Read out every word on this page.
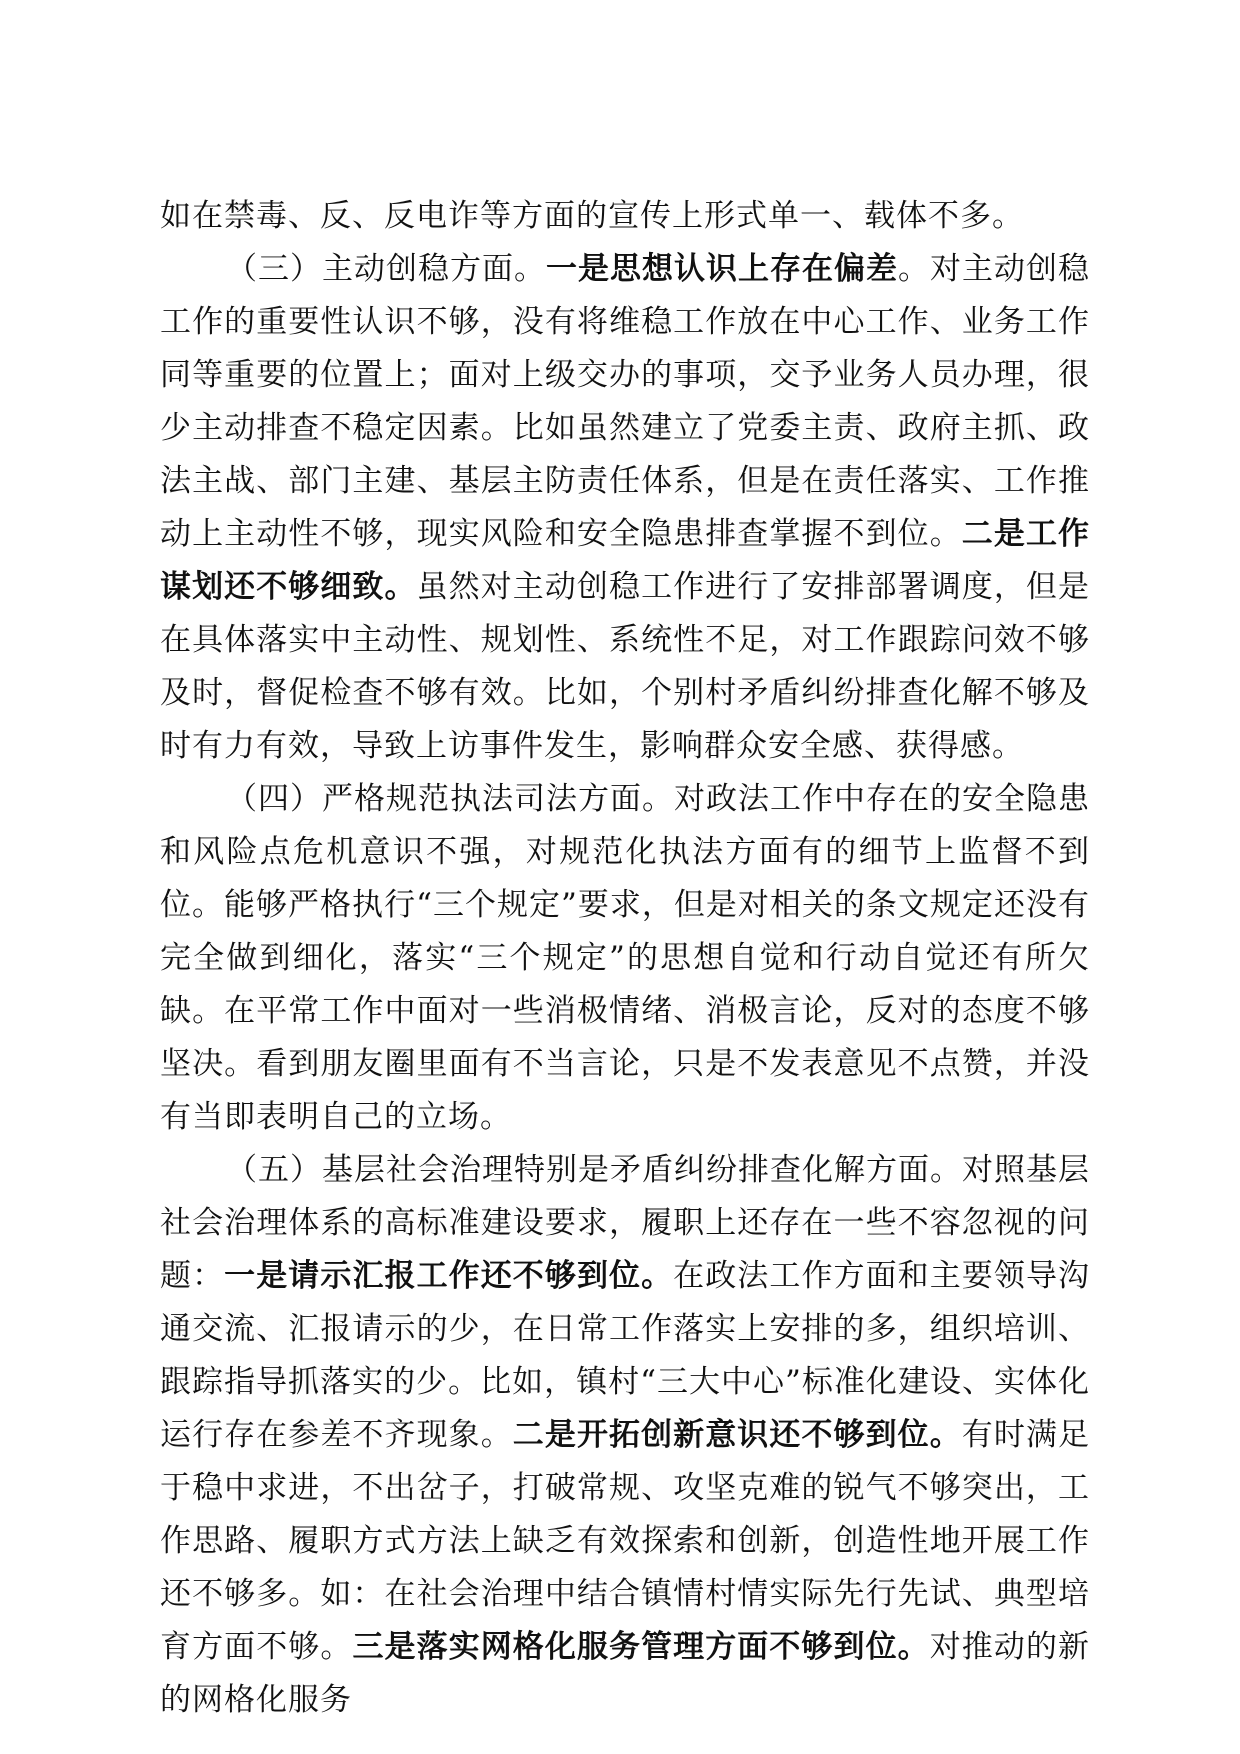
如在禁毒、反、反电诈等方面的宣传上形式单一、载体不多。

（三）主动创稳方面。一是思想认识上存在偏差。对主动创稳工作的重要性认识不够，没有将维稳工作放在中心工作、业务工作同等重要的位置上；面对上级交办的事项，交予业务人员办理，很少主动排查不稳定因素。比如虽然建立了党委主责、政府主抓、政法主战、部门主建、基层主防责任体系，但是在责任落实、工作推动上主动性不够，现实风险和安全隐患排查掌握不到位。二是工作谋划还不够细致。虽然对主动创稳工作进行了安排部署调度，但是在具体落实中主动性、规划性、系统性不足，对工作跟踪问效不够及时，督促检查不够有效。比如，个别村矛盾纠纷排查化解不够及时有力有效，导致上访事件发生，影响群众安全感、获得感。

（四）严格规范执法司法方面。对政法工作中存在的安全隐患和风险点危机意识不强，对规范化执法方面有的细节上监督不到位。能够严格执行“三个规定”要求，但是对相关的条文规定还没有完全做到细化，落实“三个规定”的思想自觉和行动自觉还有所欠缺。在平常工作中面对一些消极情绪、消极言论，反对的态度不够坚决。看到朋友圈里面有不当言论，只是不发表意见不点赞，并没有当即表明自己的立场。

（五）基层社会治理特别是矛盾纠纷排查化解方面。对照基层社会治理体系的高标准建设要求，履职上还存在一些不容忽视的问题：一是请示汇报工作还不够到位。在政法工作方面和主要领导沟通交流、汇报请示的少，在日常工作落实上安排的多，组织培训、跟踪指导抓落实的少。比如，镇村“三大中心”标准化建设、实体化运行存在参差不齐现象。二是开拓创新意识还不够到位。有时满足于稳中求进，不出岔子，打破常规、攻坚克难的锐气不够突出，工作思路、履职方式方法上缺乏有效探索和创新，创造性地开展工作还不够多。如：在社会治理中结合镇情村情实际先行先试、典型培育方面不够。三是落实网格化服务管理方面不够到位。对推动的新的网格化服务
